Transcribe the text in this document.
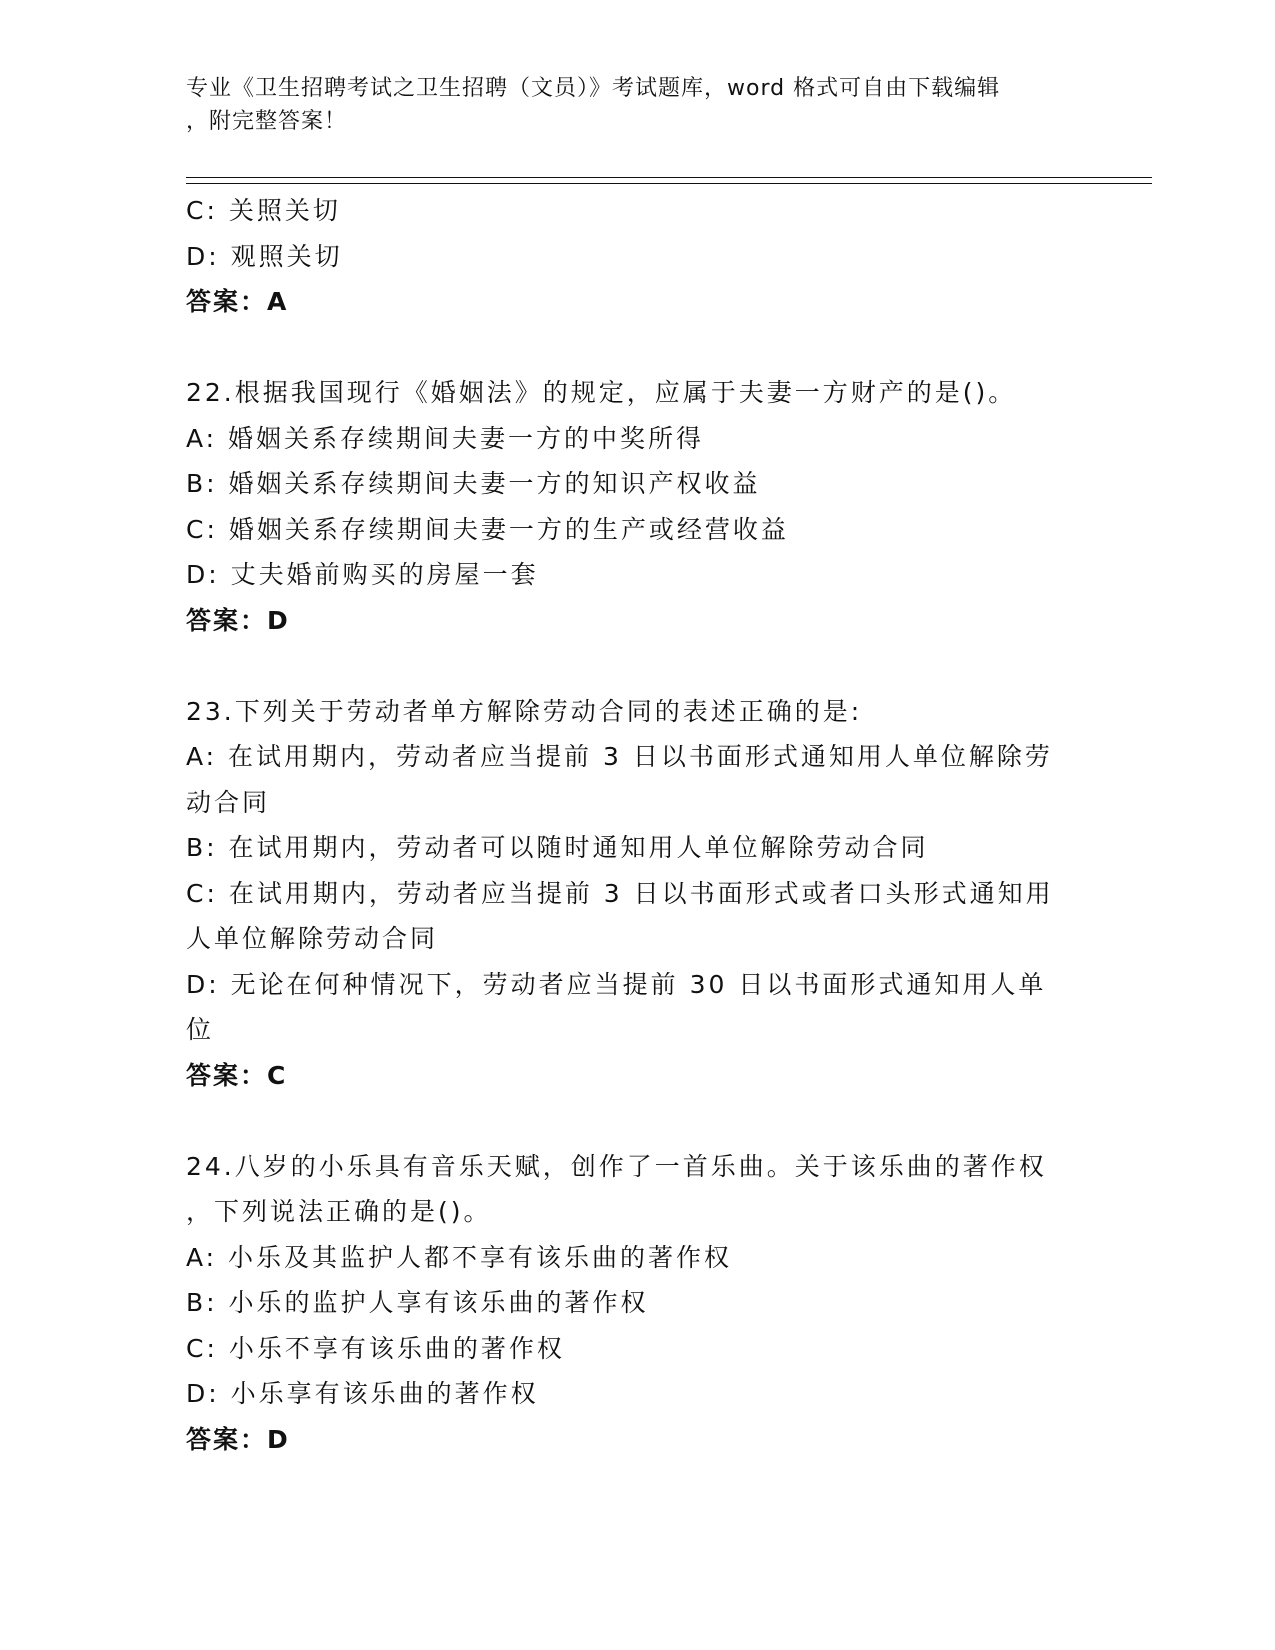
专业《卫生招聘考试之卫生招聘（文员）》考试题库，word 格式可自由下载编辑
，附完整答案！
C: 关照关切
D: 观照关切
答案：A
22.根据我国现行《婚姻法》的规定，应属于夫妻一方财产的是()。
A: 婚姻关系存续期间夫妻一方的中奖所得
B: 婚姻关系存续期间夫妻一方的知识产权收益
C: 婚姻关系存续期间夫妻一方的生产或经营收益
D: 丈夫婚前购买的房屋一套
答案：D
23.下列关于劳动者单方解除劳动合同的表述正确的是:
A: 在试用期内，劳动者应当提前 3 日以书面形式通知用人单位解除劳
动合同
B: 在试用期内，劳动者可以随时通知用人单位解除劳动合同
C: 在试用期内，劳动者应当提前 3 日以书面形式或者口头形式通知用
人单位解除劳动合同
D: 无论在何种情况下，劳动者应当提前 30 日以书面形式通知用人单
位
答案：C
24.八岁的小乐具有音乐天赋，创作了一首乐曲。关于该乐曲的著作权
，下列说法正确的是()。
A: 小乐及其监护人都不享有该乐曲的著作权
B: 小乐的监护人享有该乐曲的著作权
C: 小乐不享有该乐曲的著作权
D: 小乐享有该乐曲的著作权
答案：D
